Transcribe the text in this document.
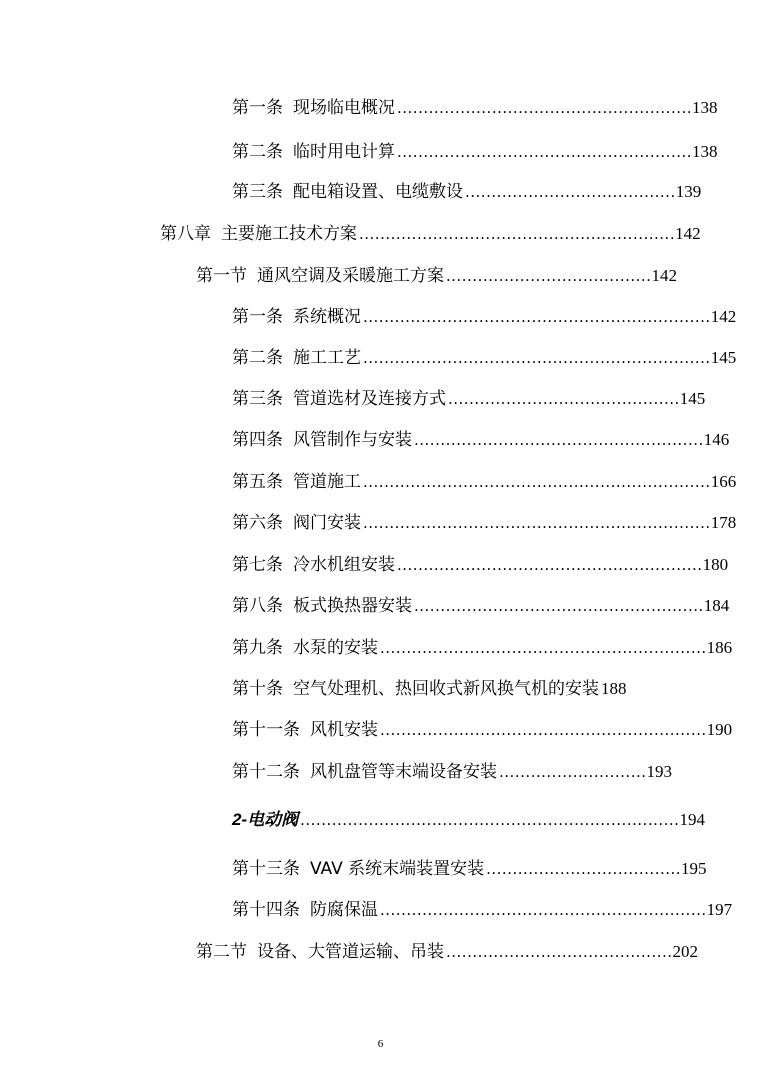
第一条 现场临电概况 ........................................................ 138
第二条 临时用电计算 ........................................................ 138
第三条 配电箱设置、电缆敷设 ........................................ 139
第八章 主要施工技术方案 ............................................................ 142
第一节 通风空调及采暖施工方案 ....................................... 142
第一条 系统概况 .................................................................. 142
第二条 施工工艺 .................................................................. 145
第三条 管道选材及连接方式 ............................................ 145
第四条 风管制作与安装 ....................................................... 146
第五条 管道施工 .................................................................. 166
第六条 阀门安装 .................................................................. 178
第七条 冷水机组安装 .......................................................... 180
第八条 板式换热器安装 ....................................................... 184
第九条 水泵的安装 .............................................................. 186
第十条 空气处理机、热回收式新风换气机的安装 188
第十一条 风机安装 .............................................................. 190
第十二条 风机盘管等末端设备安装 ............................ 193
2- 电动阀 ........................................................................ 194
第十三条 VAV 系统末端装置安装 ..................................... 195
第十四条 防腐保温 .............................................................. 197
第二节 设备、大管道运输、吊装 ........................................... 202
6
